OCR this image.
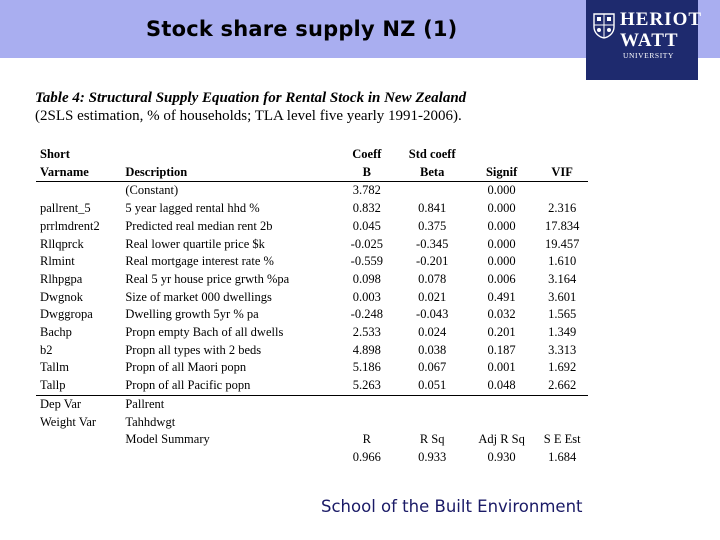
Stock share supply NZ (1)	HERIOT
WATT
UNIVERSITY
Table 4: Structural Supply Equation for Rental Stock in New Zealand
(2SLS estimation, % of households; TLA level five yearly 1991-2006).
Short		Coeff	Std coeff		
Varname	Description	B	Beta	Signif	VIF
	(Constant)	3.782		0.000	
pallrent_5	5 year lagged rental hhd %	0.832	0.841	0.000	2.316
prrlmdrent2	Predicted real median rent 2b	0.045	0.375	0.000	17.834
Rllqprck	Real lower quartile price $k	-0.025	-0.345	0.000	19.457
Rlmint	Real mortgage interest rate %	-0.559	-0.201	0.000	1.610
Rlhpgpa	Real 5 yr house price grwth %pa	0.098	0.078	0.006	3.164
Dwgnok	Size of market 000 dwellings	0.003	0.021	0.491	3.601
Dwggropa	Dwelling growth 5yr % pa	-0.248	-0.043	0.032	1.565
Bachp	Propn empty Bach of all dwells	2.533	0.024	0.201	1.349
b2	Propn all types with 2 beds	4.898	0.038	0.187	3.313
Tallm	Propn of all Maori popn	5.186	0.067	0.001	1.692
Tallp	Propn of all Pacific popn	5.263	0.051	0.048	2.662
Dep Var	Pallrent				
Weight Var	Tahhdwgt				
	Model Summary	R	R Sq	Adj R Sq	S E Est
		0.966	0.933	0.930	1.684
School of the Built Environment
